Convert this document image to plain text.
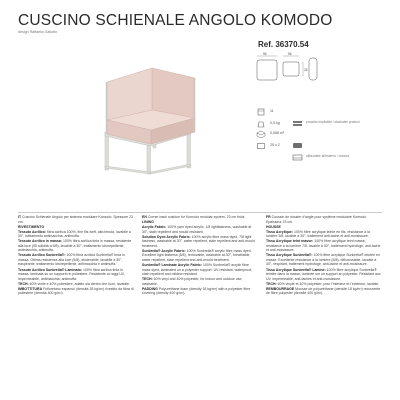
CUSCINO SCHIENALE ANGOLO KOMODO
design Raffaello Galiotto
Ref. 36370.54
56	56
26
11
0,9 kg	prodotto impilabile / stackable product
0,068 m³
25 x 2
utilizzabile all'esterno / outdoor

IT Cuscino Schienale Angolo per sistema modulare Komodo. Spessore 23 cm.

RIVESTIMENTO

Tessuto Acrilico: fibra acrilica 100%, fine fils weft, alta tenuta, lavabile a 30°, trattamento antimacchia, antimuffa.

Tessuto Acrilico in massa: 100% fibra acrilica tinta in massa, resistente alla luce (95 solidità a 5/8), lavabile a 30°, trattamento idrorepellente, antimacchia, antimuffa.

Tessuto Acrilico Sunbrella®: 100% fibra acrilica Sunbrella® tinta in massa. Ottima resistenza alla luce (5/8), sfoderabile, lavabile a 30°, traspirante, trattamento idrorepellente, antimacchia e antimuffa.

Tessuto Acrilico Sunbrella® Laminato: 100% fibra acrilica tinta in massa, laminata su un supporto in poliestere. Resistente ai raggi UV, impermeabile, antimacchia, antimuffa.

TECH: 60% vinile e 40% poliestere, adatto sia dentro che fuori, lavabile.

IMBOTTITURA Poliuretano espanso (densità 18 kg/m³) rivestito da fibra di poliestere (densità 400 g/m²).

EN Corner back cushion for Komodo modular system. 23 cm thick.

LINING

Acrylic Fabric: 100% yarn dyed acrylic, 1/8 lightfastness, washable at 30°, stain repellent and mould resistant.

Solution Dyed Acrylic Fabric: 100% acrylic fibre mass dyed, 7/8 light fastness, washable at 30°, water repellent, stain repellent and anti-mould treatment.

Sunbrella® Acrylic Fabric: 100% Sunbrella® acrylic fibre mass dyed. Excellent light fastness (5/8), removable, washable at 30°, breathable, water repellent, stain repellent and anti-mould treatment.

Sunbrella® Laminate Acrylic Fabric: 100% Sunbrella® acrylic fibre mass dyed, laminated on a polyester support. UV resistant, waterproof, stain repellent and mildew resistant.

TECH: 60% vinyl and 40% polyester, for indoor and outdoor use, washable.

PADDING Polyurethane foam (density 18 kg/m³) with a polyester fibre covering (density 400 g/m²).

FR Coussin de dossier d'angle pour système modulaire Komodo. Epaisseur 23 cm.

HOUSSE

Tissu Acrylique: 100% fibre acrylique teinte en fils, résistance à la lumière 5/8, lavable à 30°, traitement anti-tache et anti-moisissure.

Tissu Acrylique teint masse: 100% fibre acrylique teint masse, résistance à la lumière 7/8, lavable à 30°, traitement hydrofuge, anti-tache et anti-moisissure.

Tissu Acrylique Sunbrella®: 100% fibre acrylique Sunbrella® teintée en masse. Excellente résistance à la lumière (5/8), déhoussable, lavable à 30°, respirant, traitement hydrofuge, anti-tache et anti-moisissure.

Tissu Acrylique Sunbrella® Laminé: 100% fibre acrylique Sunbrella® teintée dans la masse, laminée sur un support en polyester. Résistant aux UV, imperméable, anti-taches et anti-moisissure.

TECH: 60% vinyle et 40% polyester, pour l'intérieur et l'extérieur, lavable.

REMBOURRAGE Mousse de polyuréthane (densité 18 kg/m³) recouverte de fibre polyester (densité 400 g/m²).
